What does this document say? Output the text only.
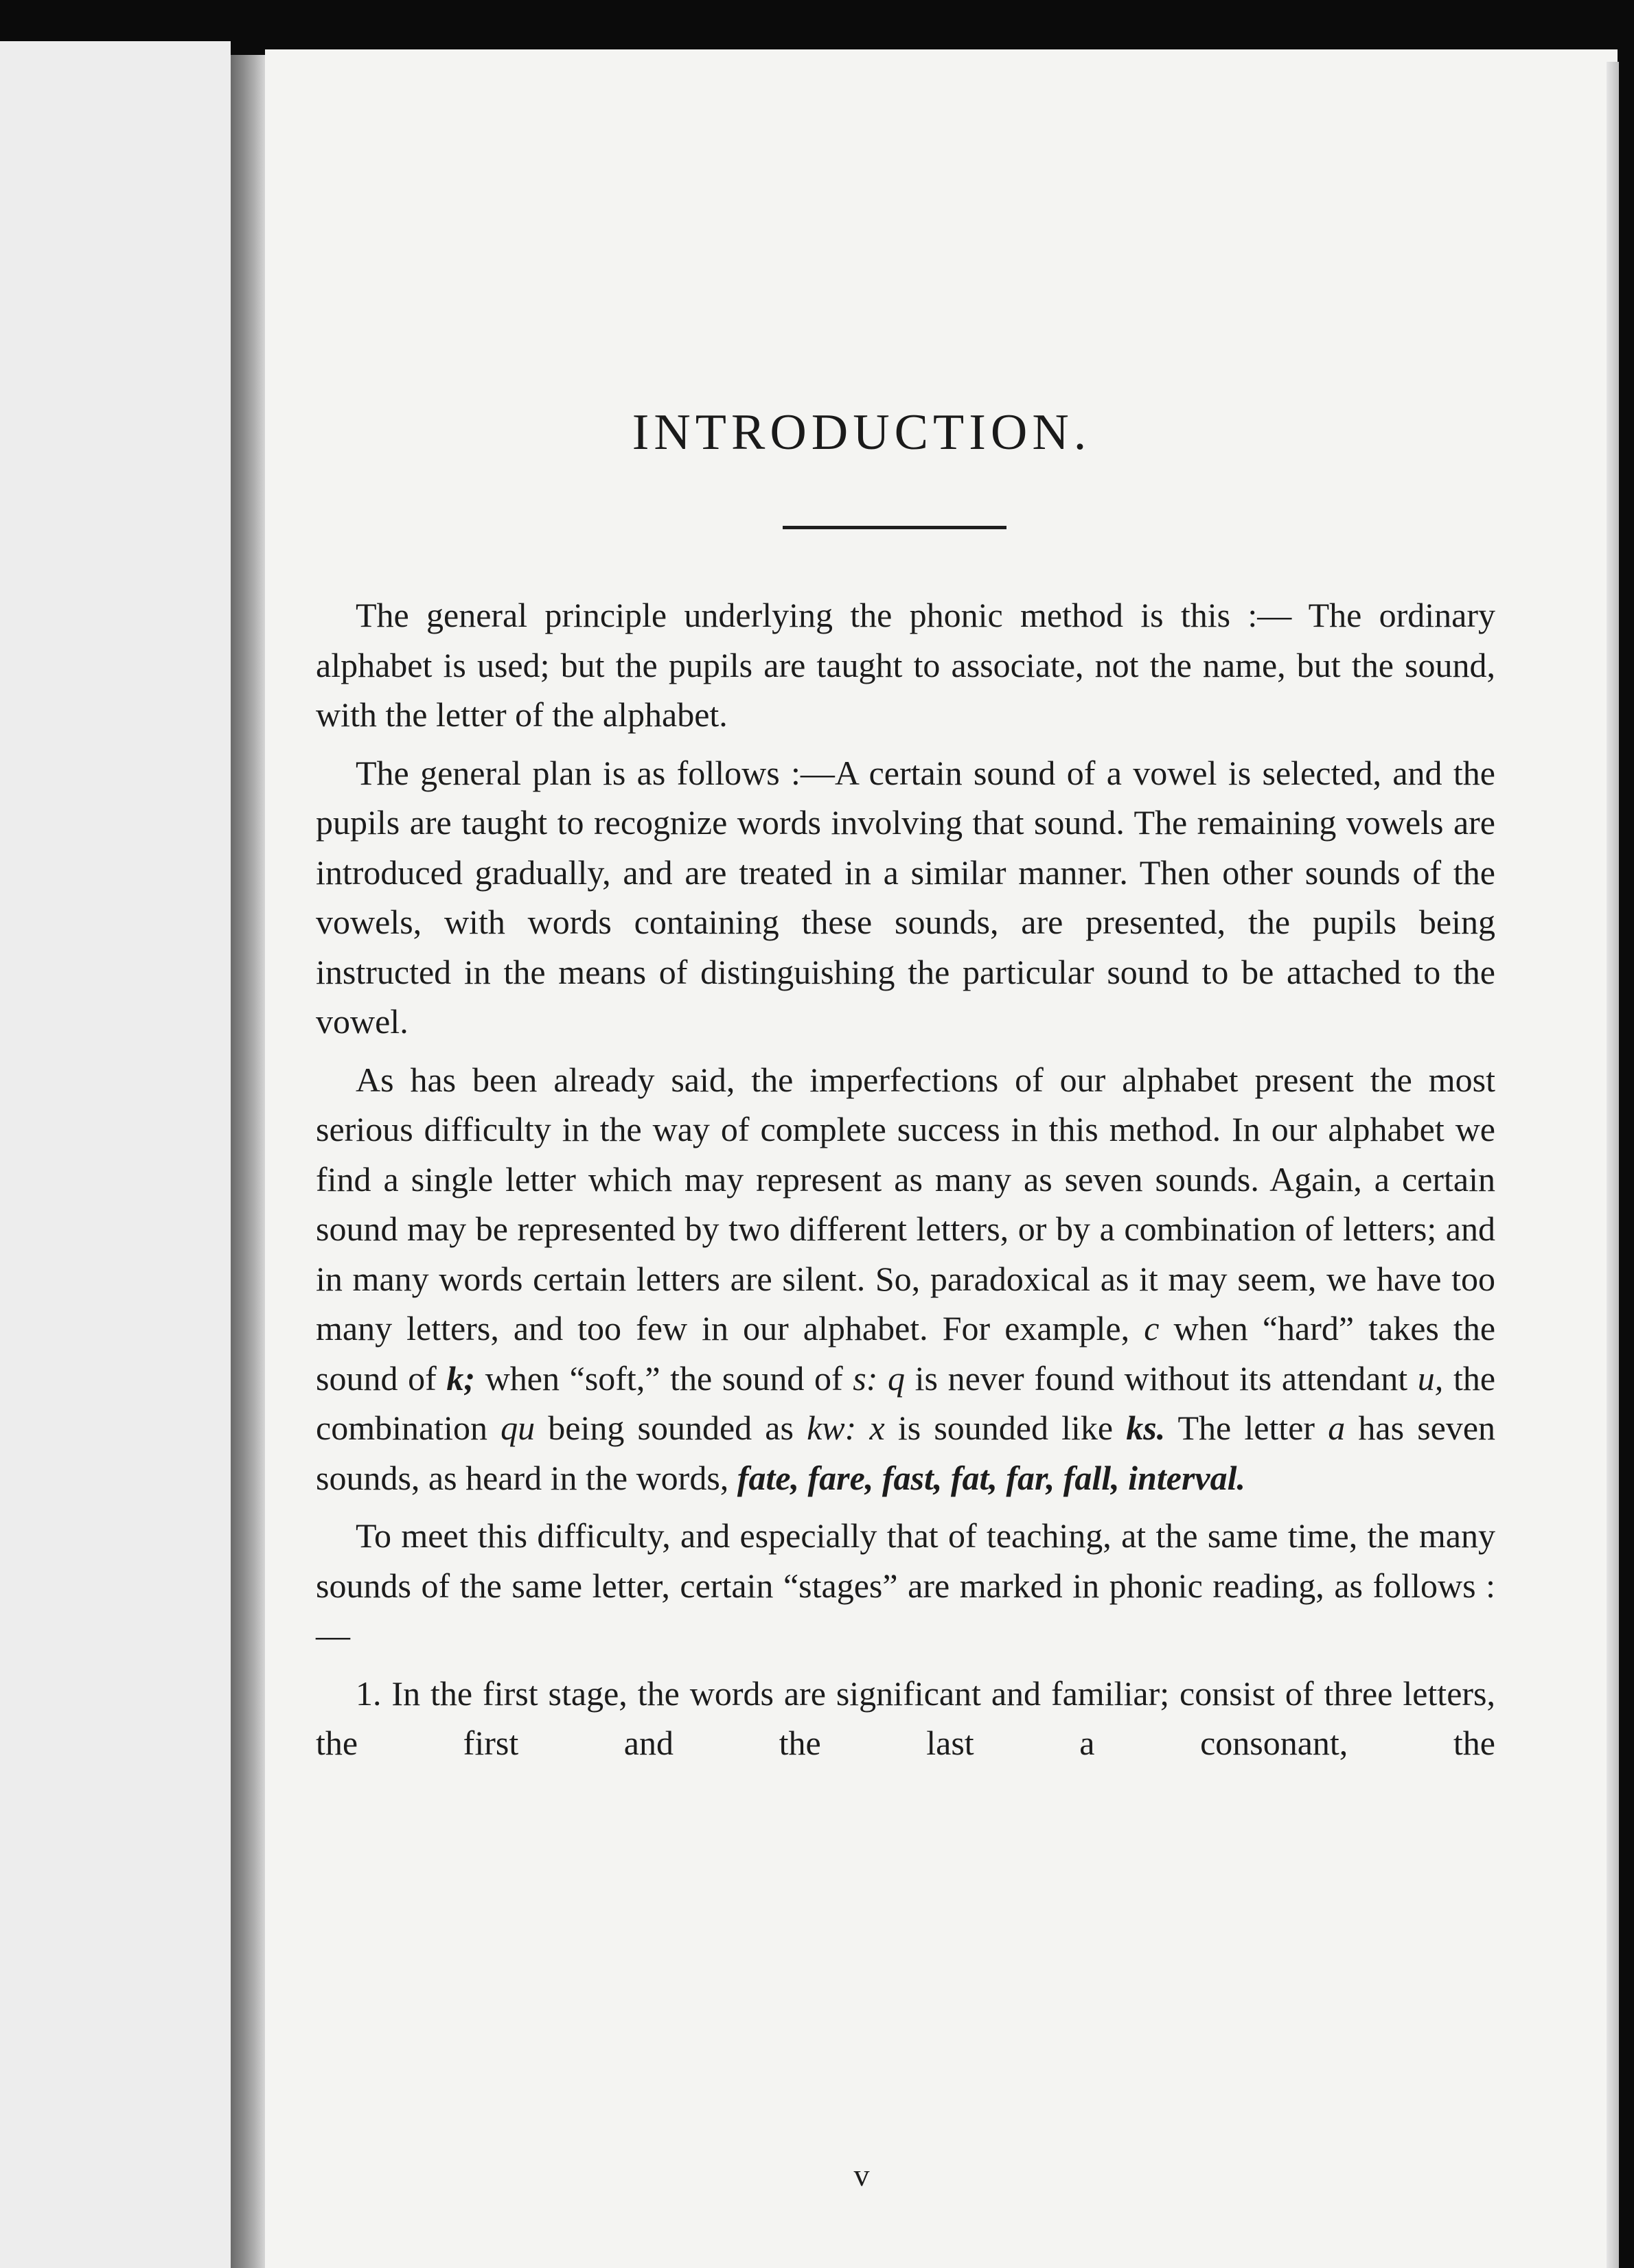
INTRODUCTION.

The general principle underlying the phonic method is this :— The ordinary alphabet is used; but the pupils are taught to associate, not the name, but the sound, with the letter of the alphabet.

The general plan is as follows :—A certain sound of a vowel is selected, and the pupils are taught to recognize words involving that sound. The remaining vowels are introduced gradually, and are treated in a similar manner. Then other sounds of the vowels, with words containing these sounds, are presented, the pupils being instructed in the means of distinguishing the particular sound to be attached to the vowel.

As has been already said, the imperfections of our alphabet present the most serious difficulty in the way of complete success in this method. In our alphabet we find a single letter which may represent as many as seven sounds. Again, a certain sound may be represented by two different letters, or by a combination of letters; and in many words certain letters are silent. So, paradoxical as it may seem, we have too many letters, and too few in our alphabet. For example, c when “hard” takes the sound of k; when “soft,” the sound of s: q is never found without its attendant u, the combination qu being sounded as kw: x is sounded like ks. The letter a has seven sounds, as heard in the words, fate, fare, fast, fat, far, fall, interval.

To meet this difficulty, and especially that of teaching, at the same time, the many sounds of the same letter, certain “stages” are marked in phonic reading, as follows :—

1. In the first stage, the words are significant and familiar; consist of three letters, the first and the last a consonant, the

v
